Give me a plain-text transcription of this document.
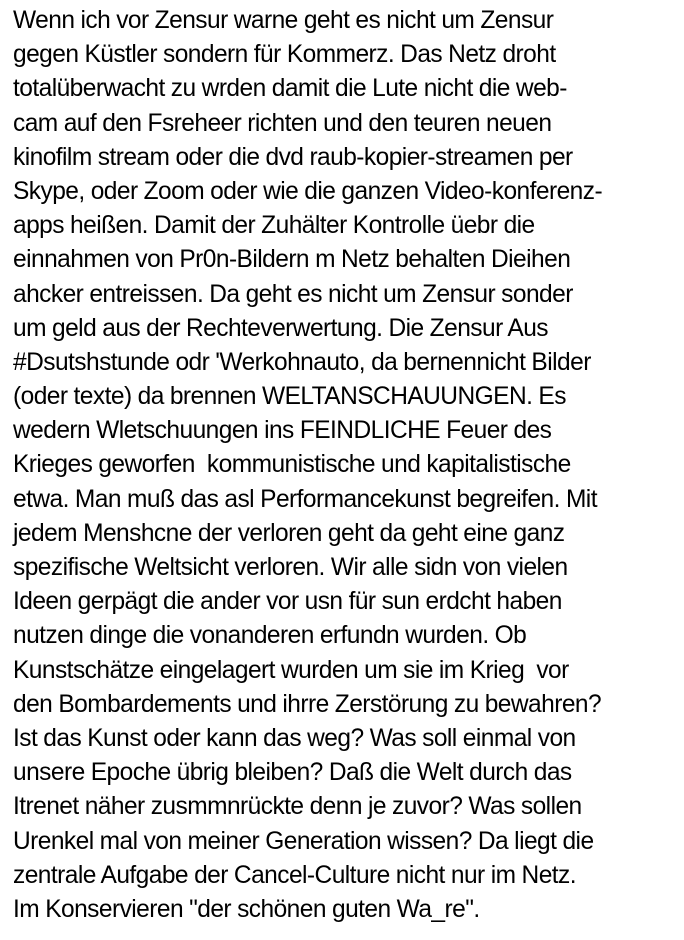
Wenn ich vor Zensur warne geht es nicht um Zensur
gegen Küstler sondern für Kommerz. Das Netz droht
totalüberwacht zu wrden damit die Lute nicht die web-
cam auf den Fsreheer richten und den teuren neuen
kinofilm stream oder die dvd raub-kopier-streamen per
Skype, oder Zoom oder wie die ganzen Video-konferenz-
apps heißen. Damit der Zuhälter Kontrolle üebr die
einnahmen von Pr0n-Bildern m Netz behalten Dieihen
ahcker entreissen. Da geht es nicht um Zensur sonder
um geld aus der Rechteverwertung. Die Zensur Aus
#Dsutshstunde odr 'Werkohnauto, da bernennicht Bilder
(oder texte) da brennen WELTANSCHAUUNGEN. Es
wedern Wletschuungen ins FEINDLICHE Feuer des
Krieges geworfen  kommunistische und kapitalistische
etwa. Man muß das asl Performancekunst begreifen. Mit
jedem Menshcne der verloren geht da geht eine ganz
spezifische Weltsicht verloren. Wir alle sidn von vielen
Ideen gerpägt die ander vor usn für sun erdcht haben
nutzen dinge die vonanderen erfundn wurden. Ob
Kunstschätze eingelagert wurden um sie im Krieg  vor
den Bombardements und ihrre Zerstörung zu bewahren?
Ist das Kunst oder kann das weg? Was soll einmal von
unsere Epoche übrig bleiben? Daß die Welt durch das
Itrenet näher zusmmnrückte denn je zuvor? Was sollen
Urenkel mal von meiner Generation wissen? Da liegt die
zentrale Aufgabe der Cancel-Culture nicht nur im Netz.
Im Konservieren "der schönen guten Wa_re".
